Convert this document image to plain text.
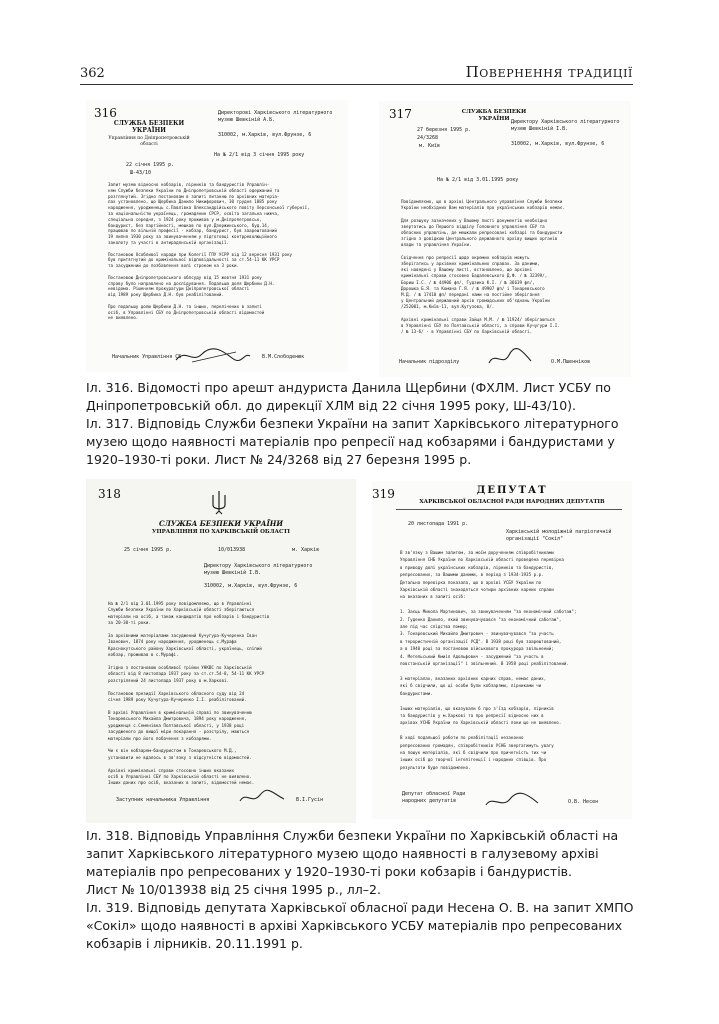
362	Повернення традиції
316
СЛУЖБА БЕЗПЕКИ УКРАЇНИ
Управління по Дніпропетровській області
22 січня 1995 р.
Ш-43/10
Директорові Харківського літературного музею Шевкіній А.Б.
310002, м.Харків, вул.Фрунзе, 6
На № 2/1 від 3 січня 1995 року
Запит музею відносно кобзарів, лірників та бандуристів Управлін-
ням Служби безпеки України по Дніпропетровській області одержаний та
розглянутий. Згідно постановам в запиті питанню по архівних матеріа-
лах установлено, що Щербина Данило Никифорович, 30 грудня 1885 року
народження, уродженець с.Павлівка Олександрійського повіту Херсонської губернії,
за національністю українець, громадянин СРСР, освіта загальна нижча,
спеціальна середня, з 1924 року проживав у м.Дніпропетровськ,
бандурист, без партійності, мешкав по вул.Дзержинського, буд.14,
працював по вільній професії - кобзар, бандурист, був заарештований
19 липня 1930 року за звинуваченням у підготовці контрреволюційного
заколоту та участі в антирадянській організації.

Постановою Особливої наради при Колегії ГПУ УСРР від 12 вересня 1931 року
був притягнутий до кримінальної відповідальності за ст.54-11 КК УРСР
та засуджений до позбавлення волі строком на 3 роки.

Постановою Дніпропетровського облсуду від 15 жовтня 1931 року
справу було направлено на дослідування. Подальша доля Щербини Д.Н.
невідома. Рішенням прокуратури Дніпропетровської області
від 1989 року Щербина Д.Н. був реабілітований.

Про подальшу долю Щербини Д.Н. та інших, перелічених в запиті
осіб, в Управлінні СБУ по Дніпропетровській області відомостей
не виявлено.
Начальник Управління СБ	В.М.Слободенюк
317	СЛУЖБА БЕЗПЕКИ УКРАЇНИ
27 березня 1995 р.
24/3268
м. Київ
Директору Харківського літературного музею Шевкіній І.В.
310002, м.Харків, вул.Фрунзе, 6
На № 2/1 від 3.01.1995 року
Повідомляємо, що в архіві Центрального управління Служби безпеки
України необхідних Вам матеріалів про українських кобзарів немає.

Для розшуку зазначених у Вашому листі документів необхідно
звертатись до Першого відділу Головного управління СБУ та
обласних управлінь, де мешкали репресовані кобзарі та бандуристи
згідно з довідкою Центрального державного архіву вищих органів
влади та управління України.

Свідчення про репресії щодо окремих кобзарів можуть
зберігатись у архівних кримінальних справах. За даними,
які наведені у Вашому листі, встановлено, що архівні
кримінальні справи стосовно Бадалевського Д.Ф. / № 32399/,
Бориш І.С. / № 44906 фп/, Гудзика К.І. / № 36639 фп/,
Дорошка Б.Я. та Комана Г.Я. / № 49907 фп/ і Тонаревського
М.Д. / № 17410 фп/ передані нами на постійне зберігання
у Центральний державний архів громадських об'єднань України
/252001, м.Київ-11, вул.Кутузова, 8/.

Архівні кримінальні справи Зайця М.М. / № 11924/ зберігаються
в Управлінні СБУ по Полтавській області, а справи Кучугури І.І.
/ № 13-б/ - в Управлінні СБУ по Харківській області.
Начальник підрозділу	О.М.Пшенніков
Іл. 316. Відомості про арешт андуриста Данила Щербини (ФХЛМ. Лист УСБУ по Дніпропетровській обл. до дирекції ХЛМ від 22 січня 1995 року, Ш-43/10).
Іл. 317. Відповідь Служби безпеки України на запит Харківського літературного музею щодо наявності матеріалів про репресії над кобзарями і бандуристами у 1920–1930-ті роки. Лист № 24/3268 від 27 березня 1995 р.
318
СЛУЖБА БЕЗПЕКИ УКРАЇНИ
УПРАВЛІННЯ ПО ХАРКІВСЬКІЙ ОБЛАСТІ
25 січня 1995 р.	10/013938	м. Харків
Директору Харківського літературного музею Шевкіній І.В.
310002, м.Харків, вул.Фрунзе, 6
На № 2/1 від 3.01.1995 року повідомляємо, що в Управлінні
Служби безпеки України по Харківській області зберігаються
матеріали на осіб, а також кандидатів про кобзарів і бандуристів
за 20-30-ті роки.

За архівними матеріалами засуджений Кучугура-Кучеренко Іван
Іванович, 1874 року народження, уродженець с.Мурафа
Краснокутського району Харківської області, українець, сліпий
кобзар, проживав в с.Мурафі.

Згідно з постановою особливої трійки УНКВС по Харківській
області від 8 листопада 1937 року за ст.ст.54-8, 54-11 КК УРСР
розстріляний 24 листопада 1937 року в м.Харкові.

Постановою президії Харківського обласного суду від 24
січня 1989 року Кучугура-Кучеренко І.І. реабілітований.

В архіві Управління в кримінальній справі по звинуваченню
Тонаревського Михайла Дмитровича, 1894 року народження,
уродженця с.Семенівка Полтавської області, у 1938 році
засудженого до вищої міри покарання - розстрілу, маються
матеріали про його побачення з кобзарями.

Чи є він кобзарем-бандуристом в Тонаревського М.Д.,
установити не вдалось в зв'язку з відсутністю відомостей.

Архівні кримінальні справи стосовно інших вказаних
осіб в Управлінні СБУ по Харківській області не виявлено.
Інших даних про осіб, вказаних в запиті, відомостей немає.
Заступник начальника Управління	В.І.Гусін
319	ДЕПУТАТ
ХАРКІВСЬКОЇ ОБЛАСНОЇ РАДИ НАРОДНИХ ДЕПУТАТІВ
20 листопада 1991 р.
Харківській молодіжній патріотичній організації "Сокіл"
В зв'язку з Вашим запитом, за моїм дорученням співробітниками
Управління СНБ України по Харківській області проведена перевірка
в приводу долі українських кобзарів, лірників та бандуристів,
репресованих, за Вашими даними, в період з 1934-1935 р.р.
Детальна перевірка показала, що в архіві УСБУ України по
Харківській області знаходяться чотири архівних карних справи
на вказаних в запиті осіб:

1. Заєць Микола Мартинович, за звинуваченням "за економічний саботаж";
2. Гуденко Данило, який звинувачувався "за економічний саботаж",
але під час слідства помер;
3. Тонаревський Михайло Дмитрович - звинувачувався "за участь
в терористичній організації УСД". В 1938 році був заарештований,
а в 1940 році за постановою військового прокурора звільнений;
4. Метельський Кмиіл Адольфович - засуджений "за участь в
повстанській організації" і звільнений. В 1958 році реабілітований.

З матеріалах, вказаних архівних карних справ, немає даних,
які б свідчили, що ці особи були кобзарями, лірниками чи
бандуристами.

Інших матеріалів, що вказували б про з'їзд кобзарів, лірників
та бандуристів у м.Харкові та про репресії відносно них в
архівах УСНБ України по Харківській області поки що не виявлено.

В ході подальшої роботи по реабілітації незаконно
репресованих громадян, співробітників УСНБ звертатимуть увагу
на пошук матеріалів, які б свідчили про причетність тих чи
інших осіб до творчої інтелігенції і народних співців. Про
результати буде повідомлено.
Депутат обласної Ради народних депутатів	О.В. Несен
Іл. 318. Відповідь Управління Служби безпеки України по Харківській області на запит Харківського літературного музею щодо наявності в галузевому архіві матеріалів про репресованих у 1920–1930-ті роки кобзарів і бандуристів.
Лист № 10/013938 від 25 січня 1995 р., лл–2.
Іл. 319. Відповідь депутата Харківської обласної ради Несена О. В. на запит ХМПО «Сокіл» щодо наявності в архіві Харківського УСБУ матеріалів про репресованих кобзарів і лірників. 20.11.1991 р.
